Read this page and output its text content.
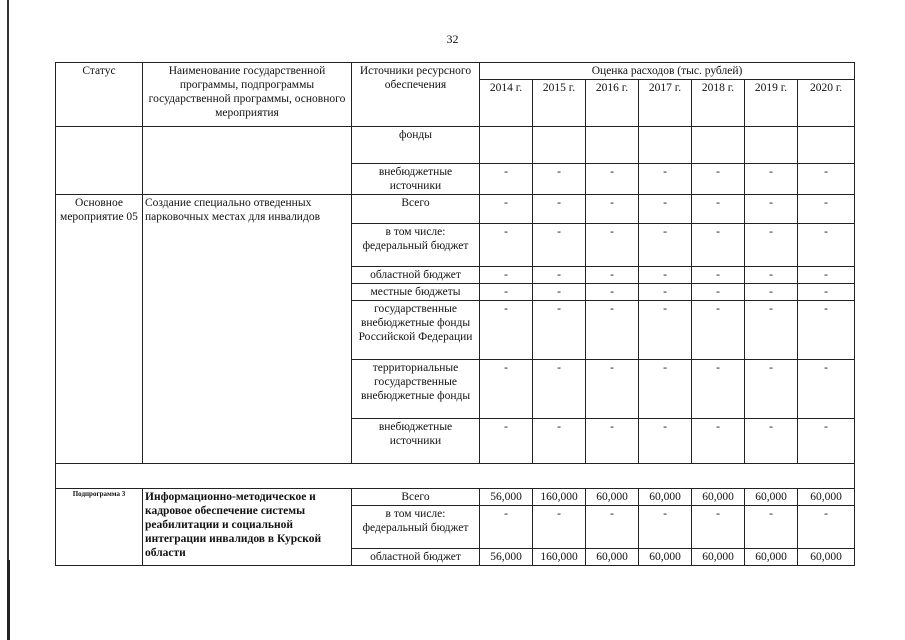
32
Статус	Наименование государственной программы, подпрограммы государственной программы, основного мероприятия	Источники ресурсного обеспечения	Оценка расходов (тыс. рублей)						
			2014 г.	2015 г.	2016 г.	2017 г.	2018 г.	2019 г.	2020 г.
		фонды							
		внебюджетные источники	-	-	-	-	-	-	-
Основное мероприятие 05	Создание специально отведенных парковочных местах для инвалидов	Всего	-	-	-	-	-	-	-
		в том числе: федеральный бюджет	-	-	-	-	-	-	-
		областной бюджет	-	-	-	-	-	-	-
		местные бюджеты	-	-	-	-	-	-	-
		государственные внебюджетные фонды Российской Федерации	-	-	-	-	-	-	-
		территориальные государственные внебюджетные фонды	-	-	-	-	-	-	-
		внебюджетные источники	-	-	-	-	-	-	-

Подпрограмма 3	Информационно-методическое и кадровое обеспечение системы реабилитации и социальной интеграции инвалидов в Курской области	Всего	56,000	160,000	60,000	60,000	60,000	60,000	60,000
		в том числе: федеральный бюджет	-	-	-	-	-	-	-
		областной бюджет	56,000	160,000	60,000	60,000	60,000	60,000	60,000
